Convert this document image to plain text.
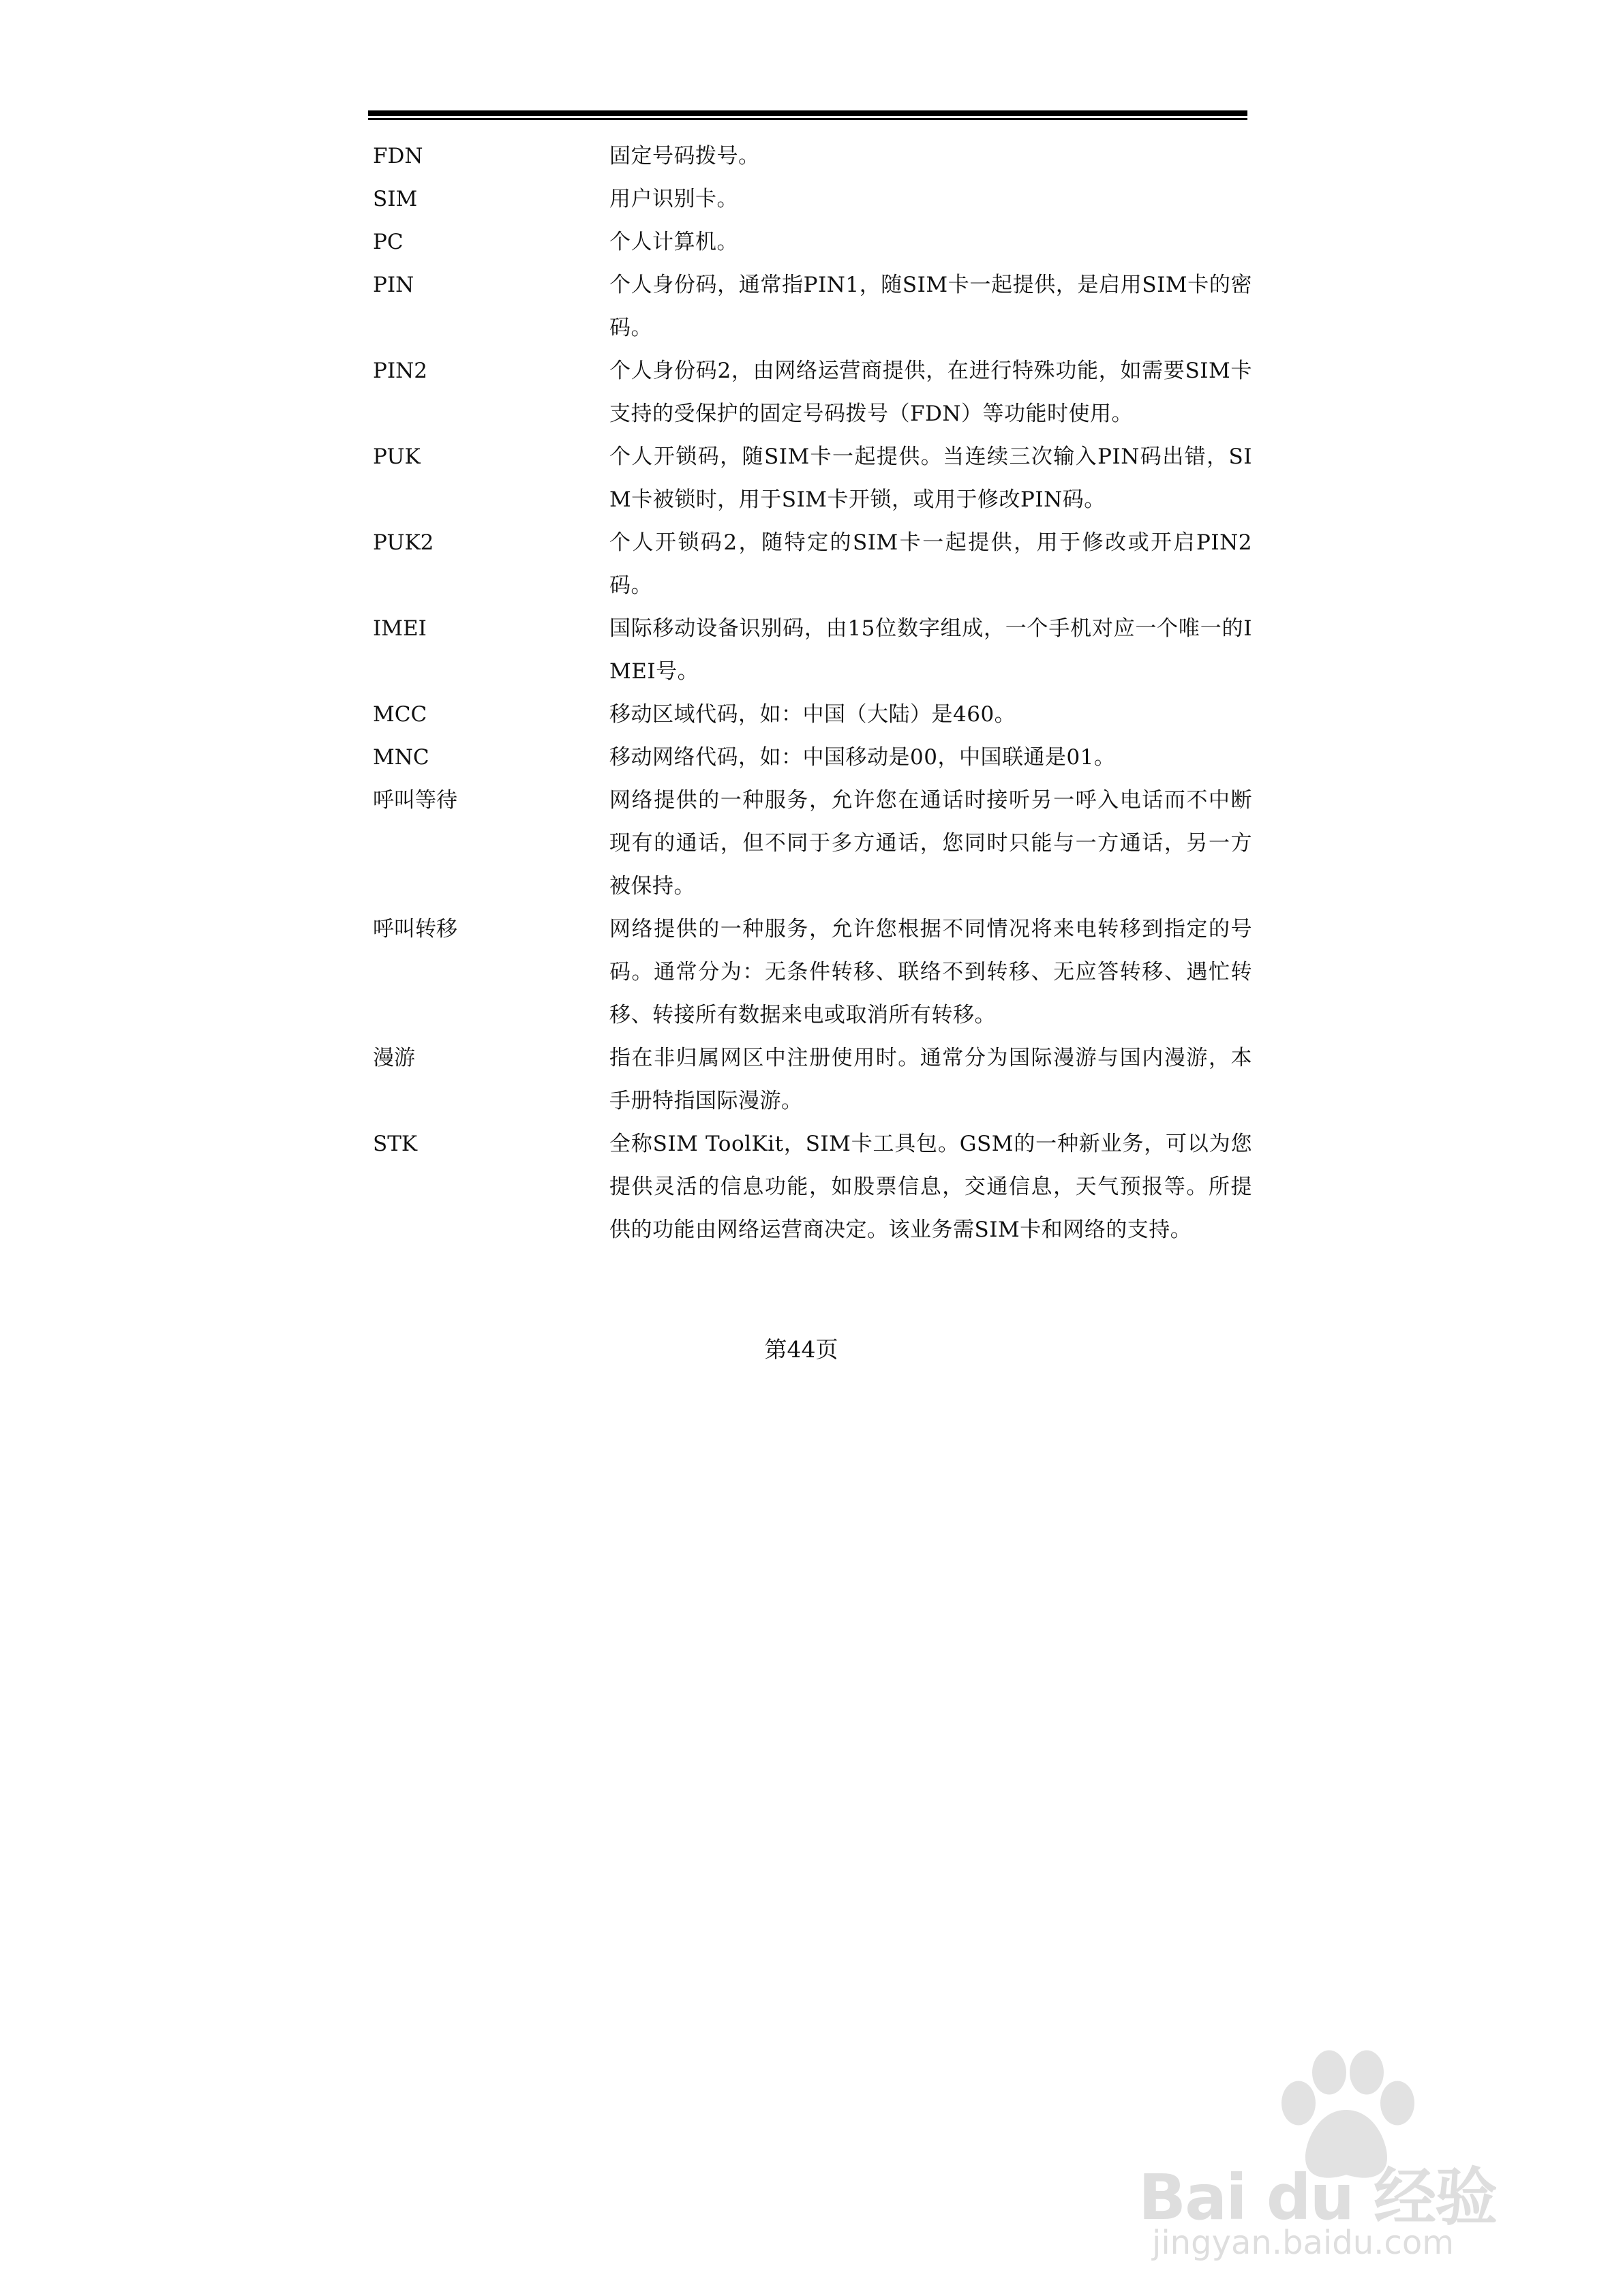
FDN	固定号码拨号。
SIM	用户识别卡。
PC	个人计算机。
PIN	个人身份码，通常指PIN1，随SIM卡一起提供，是启用SIM卡的密码。
PIN2	个人身份码2，由网络运营商提供，在进行特殊功能，如需要SIM卡支持的受保护的固定号码拨号（FDN）等功能时使用。
PUK	个人开锁码，随SIM卡一起提供。当连续三次输入PIN码出错，SIM卡被锁时，用于SIM卡开锁，或用于修改PIN码。
PUK2	个人开锁码2，随特定的SIM卡一起提供，用于修改或开启PIN2码。
IMEI	国际移动设备识别码，由15位数字组成，一个手机对应一个唯一的IMEI号。
MCC	移动区域代码，如：中国（大陆）是460。
MNC	移动网络代码，如：中国移动是00，中国联通是01。
呼叫等待	网络提供的一种服务，允许您在通话时接听另一呼入电话而不中断现有的通话，但不同于多方通话，您同时只能与一方通话，另一方被保持。
呼叫转移	网络提供的一种服务，允许您根据不同情况将来电转移到指定的号码。通常分为：无条件转移、联络不到转移、无应答转移、遇忙转移、转接所有数据来电或取消所有转移。
漫游	指在非归属网区中注册使用时。通常分为国际漫游与国内漫游，本手册特指国际漫游。
STK	全称SIM ToolKit，SIM卡工具包。GSM的一种新业务，可以为您提供灵活的信息功能，如股票信息，交通信息，天气预报等。所提供的功能由网络运营商决定。该业务需SIM卡和网络的支持。
第44页
Bai du 经验
jingyan.baidu.com
